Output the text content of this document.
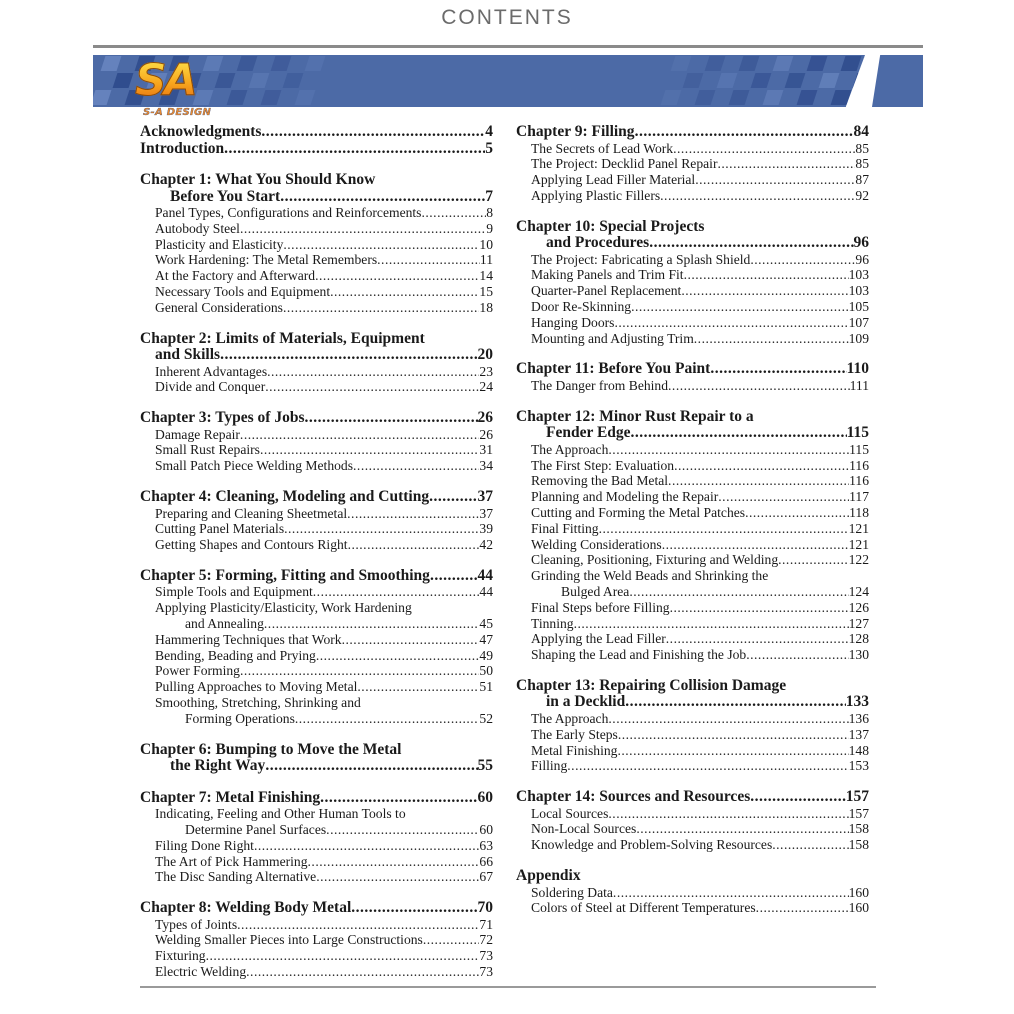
CONTENTS
SA
S-A DESIGN
Acknowledgments .....	4
Introduction .....	5
Chapter 1: What You Should Know
Before You Start .....	7
Panel Types, Configurations and Reinforcements .....	8
Autobody Steel .....	9
Plasticity and Elasticity .....	10
Work Hardening: The Metal Remembers .....	11
At the Factory and Afterward .....	14
Necessary Tools and Equipment .....	15
General Considerations .....	18
Chapter 2: Limits of Materials, Equipment
and Skills .....	20
Inherent Advantages .....	23
Divide and Conquer .....	24
Chapter 3: Types of Jobs .....	26
Damage Repair .....	26
Small Rust Repairs .....	31
Small Patch Piece Welding Methods .....	34
Chapter 4: Cleaning, Modeling and Cutting .....	37
Preparing and Cleaning Sheetmetal .....	37
Cutting Panel Materials .....	39
Getting Shapes and Contours Right .....	42
Chapter 5: Forming, Fitting and Smoothing .....	44
Simple Tools and Equipment .....	44
Applying Plasticity/Elasticity, Work Hardening
and Annealing .....	45
Hammering Techniques that Work .....	47
Bending, Beading and Prying .....	49
Power Forming .....	50
Pulling Approaches to Moving Metal .....	51
Smoothing, Stretching, Shrinking and
Forming Operations .....	52
Chapter 6: Bumping to Move the Metal
the Right Way .....	55
Chapter 7: Metal Finishing .....	60
Indicating, Feeling and Other Human Tools to
Determine Panel Surfaces .....	60
Filing Done Right .....	63
The Art of Pick Hammering .....	66
The Disc Sanding Alternative .....	67
Chapter 8: Welding Body Metal .....	70
Types of Joints .....	71
Welding Smaller Pieces into Large Constructions .....	72
Fixturing .....	73
Electric Welding .....	73
Chapter 9: Filling .....	84
The Secrets of Lead Work .....	85
The Project: Decklid Panel Repair .....	85
Applying Lead Filler Material .....	87
Applying Plastic Fillers .....	92
Chapter 10: Special Projects
and Procedures .....	96
The Project: Fabricating a Splash Shield .....	96
Making Panels and Trim Fit .....	103
Quarter-Panel Replacement .....	103
Door Re-Skinning .....	105
Hanging Doors .....	107
Mounting and Adjusting Trim .....	109
Chapter 11: Before You Paint .....	110
The Danger from Behind .....	111
Chapter 12: Minor Rust Repair to a
Fender Edge .....	115
The Approach .....	115
The First Step: Evaluation .....	116
Removing the Bad Metal .....	116
Planning and Modeling the Repair .....	117
Cutting and Forming the Metal Patches .....	118
Final Fitting .....	121
Welding Considerations .....	121
Cleaning, Positioning, Fixturing and Welding .....	122
Grinding the Weld Beads and Shrinking the
Bulged Area .....	124
Final Steps before Filling .....	126
Tinning .....	127
Applying the Lead Filler .....	128
Shaping the Lead and Finishing the Job .....	130
Chapter 13: Repairing Collision Damage
in a Decklid .....	133
The Approach .....	136
The Early Steps .....	137
Metal Finishing .....	148
Filling .....	153
Chapter 14: Sources and Resources .....	157
Local Sources .....	157
Non-Local Sources .....	158
Knowledge and Problem-Solving Resources .....	158
Appendix
Soldering Data .....	160
Colors of Steel at Different Temperatures .....	160
